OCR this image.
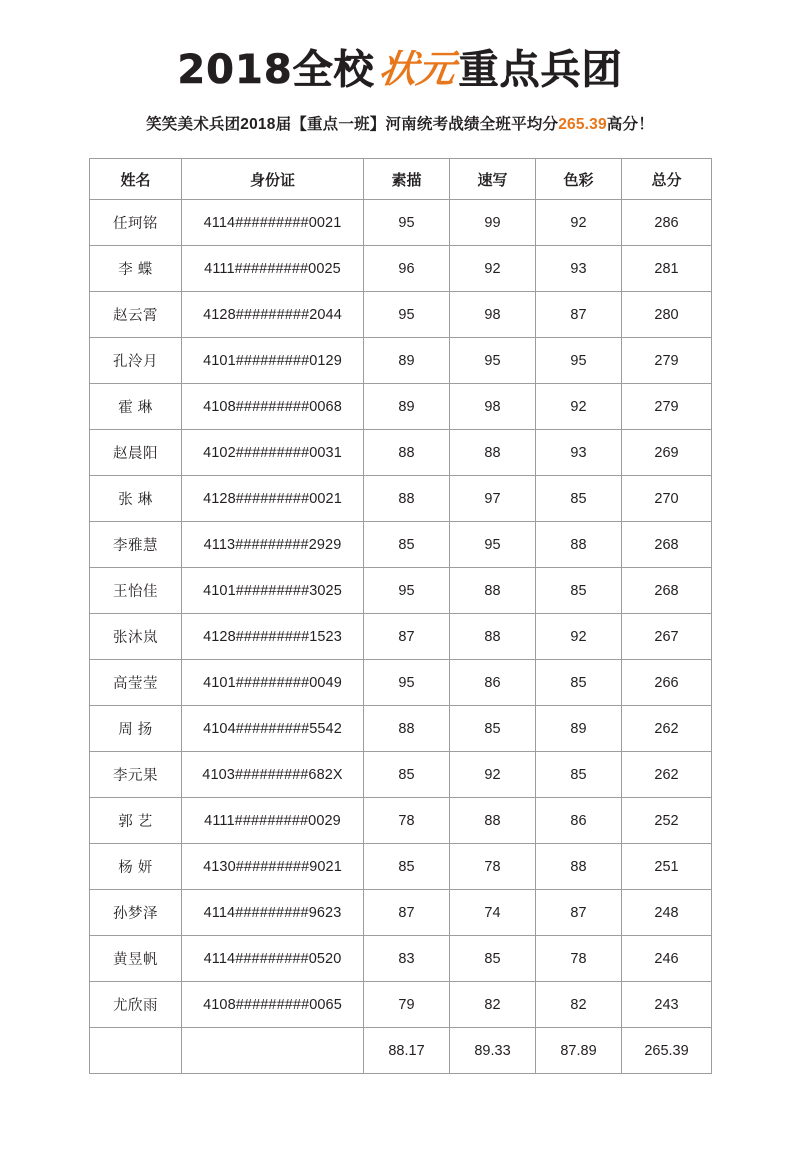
2018全校状元重点兵团
笑笑美术兵团2018届【重点一班】河南统考战绩全班平均分265.39高分！
姓名	身份证	素描	速写	色彩	总分
任珂铭	4114#########0021	95	99	92	286
李 蝶	4111#########0025	96	92	93	281
赵云霄	4128#########2044	95	98	87	280
孔泠月	4101#########0129	89	95	95	279
霍 琳	4108#########0068	89	98	92	279
赵晨阳	4102#########0031	88	88	93	269
张 琳	4128#########0021	88	97	85	270
李雅慧	4113#########2929	85	95	88	268
王怡佳	4101#########3025	95	88	85	268
张沐岚	4128#########1523	87	88	92	267
高莹莹	4101#########0049	95	86	85	266
周 扬	4104#########5542	88	85	89	262
李元果	4103#########682X	85	92	85	262
郭 艺	4111#########0029	78	88	86	252
杨 妍	4130#########9021	85	78	88	251
孙梦泽	4114#########9623	87	74	87	248
黄昱帆	4114#########0520	83	85	78	246
尤欣雨	4108#########0065	79	82	82	243
		88.17	89.33	87.89	265.39
